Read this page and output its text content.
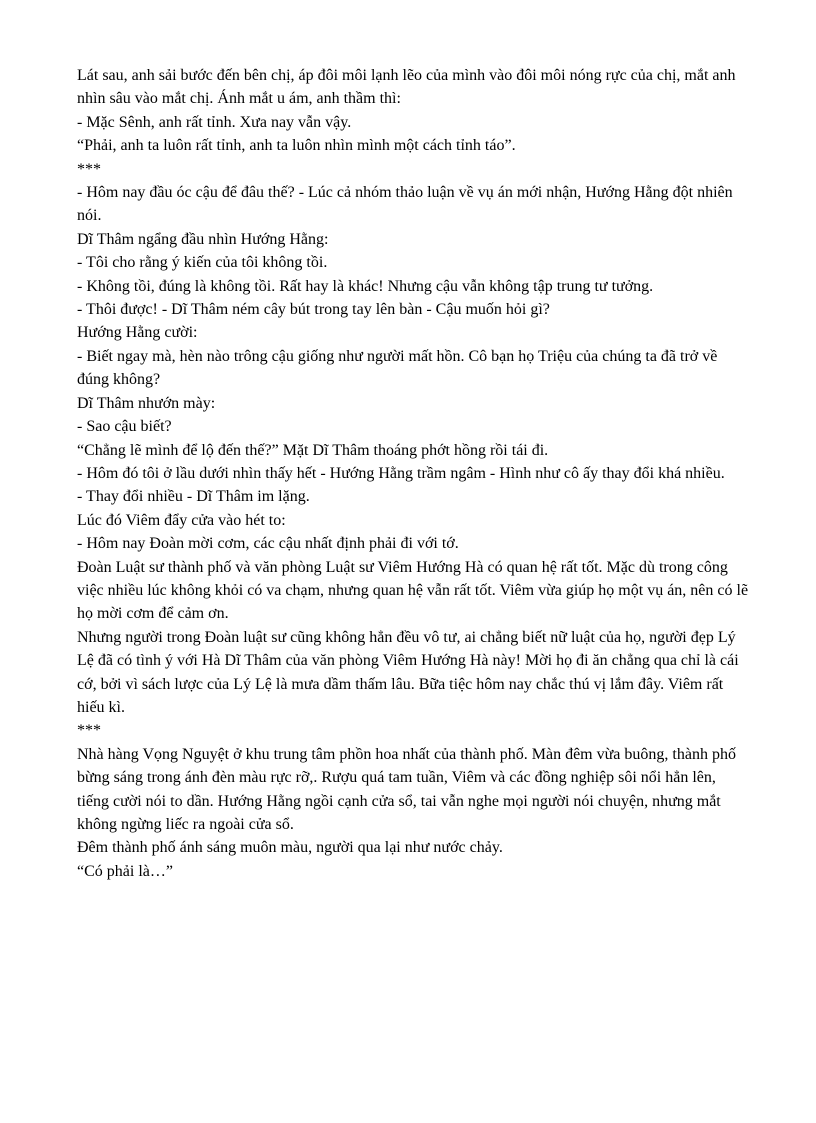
Lát sau, anh sải bước đến bên chị, áp đôi môi lạnh lẽo của mình vào đôi môi nóng rực của chị, mắt anh nhìn sâu vào mắt chị. Ánh mắt u ám, anh thầm thì:

- Mặc Sênh, anh rất tỉnh. Xưa nay vẫn vậy.

“Phải, anh ta luôn rất tỉnh, anh ta luôn nhìn mình một cách tỉnh táo”.

***

- Hôm nay đầu óc cậu để đâu thế? - Lúc cả nhóm thảo luận về vụ án mới nhận, Hướng Hằng đột nhiên nói.

Dĩ Thâm ngẩng đầu nhìn Hướng Hằng:

- Tôi cho rằng ý kiến của tôi không tồi.

- Không tồi, đúng là không tồi. Rất hay là khác! Nhưng cậu vẫn không tập trung tư tưởng.

- Thôi được! - Dĩ Thâm ném cây bút trong tay lên bàn - Cậu muốn hỏi gì?

Hướng Hằng cười:

- Biết ngay mà, hèn nào trông cậu giống như người mất hồn. Cô bạn họ Triệu của chúng ta đã trở về đúng không?

Dĩ Thâm nhướn mày:

- Sao cậu biết?

“Chẳng lẽ mình để lộ đến thế?” Mặt Dĩ Thâm thoáng phớt hồng rồi tái đi.

- Hôm đó tôi ở lầu dưới nhìn thấy hết - Hướng Hằng trầm ngâm - Hình như cô ấy thay đổi khá nhiều.

- Thay đổi nhiều - Dĩ Thâm im lặng.

Lúc đó Viêm đẩy cửa vào hét to:

- Hôm nay Đoàn mời cơm, các cậu nhất định phải đi với tớ.

Đoàn Luật sư thành phố và văn phòng Luật sư Viêm Hướng Hà có quan hệ rất tốt. Mặc dù trong công việc nhiều lúc không khỏi có va chạm, nhưng quan hệ vẫn rất tốt. Viêm vừa giúp họ một vụ án, nên có lẽ họ mời cơm để cảm ơn.

Nhưng người trong Đoàn luật sư cũng không hẳn đều vô tư, ai chẳng biết nữ luật của họ, người đẹp Lý Lệ đã có tình ý với Hà Dĩ Thâm của văn phòng Viêm Hướng Hà này! Mời họ đi ăn chẳng qua chỉ là cái cớ, bởi vì sách lược của Lý Lệ là mưa dầm thấm lâu. Bữa tiệc hôm nay chắc thú vị lắm đây. Viêm rất hiếu kì.

***

Nhà hàng Vọng Nguyệt ở khu trung tâm phồn hoa nhất của thành phố. Màn đêm vừa buông, thành phố bừng sáng trong ánh đèn màu rực rỡ,. Rượu quá tam tuần, Viêm và các đồng nghiệp sôi nổi hẳn lên, tiếng cười nói to dần. Hướng Hằng ngồi cạnh cửa sổ, tai vẫn nghe mọi người nói chuyện, nhưng mắt không ngừng liếc ra ngoài cửa sổ.

Đêm thành phố ánh sáng muôn màu, người qua lại như nước chảy.

“Có phải là…”
